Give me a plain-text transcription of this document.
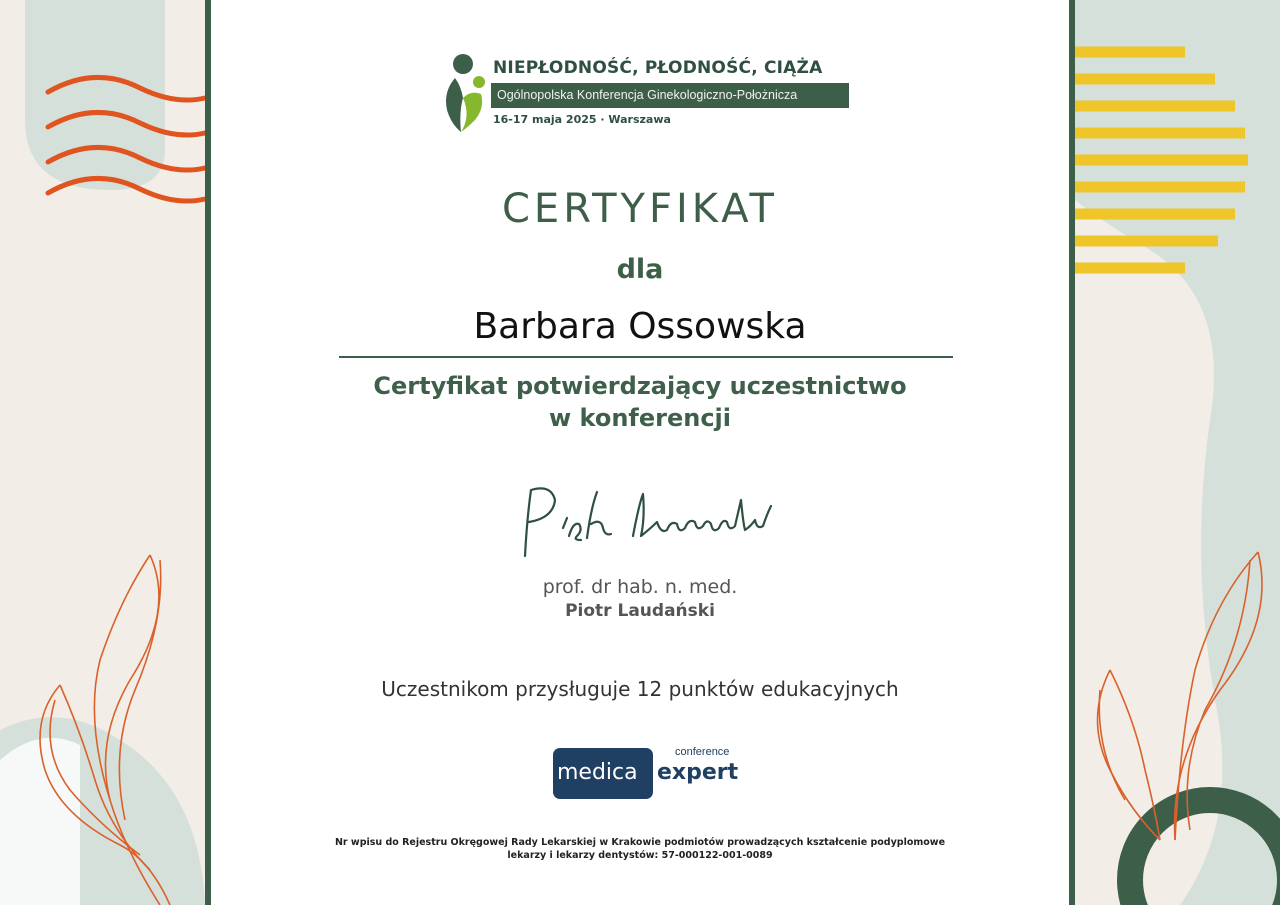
NIEPŁODNOŚĆ, PŁODNOŚĆ, CIĄŻA
Ogólnopolska Konferencja Ginekologiczno-Położnicza
16-17 maja 2025 · Warszawa
CERTYFIKAT
dla
Barbara Ossowska
Certyfikat potwierdzający uczestnictwo
w konferencji
prof. dr hab. n. med.
Piotr Laudański
Uczestnikom przysługuje 12 punktów edukacyjnych
medica expert
conference
Nr wpisu do Rejestru Okręgowej Rady Lekarskiej w Krakowie podmiotów prowadzących kształcenie podyplomowe
lekarzy i lekarzy dentystów: 57-000122-001-0089
